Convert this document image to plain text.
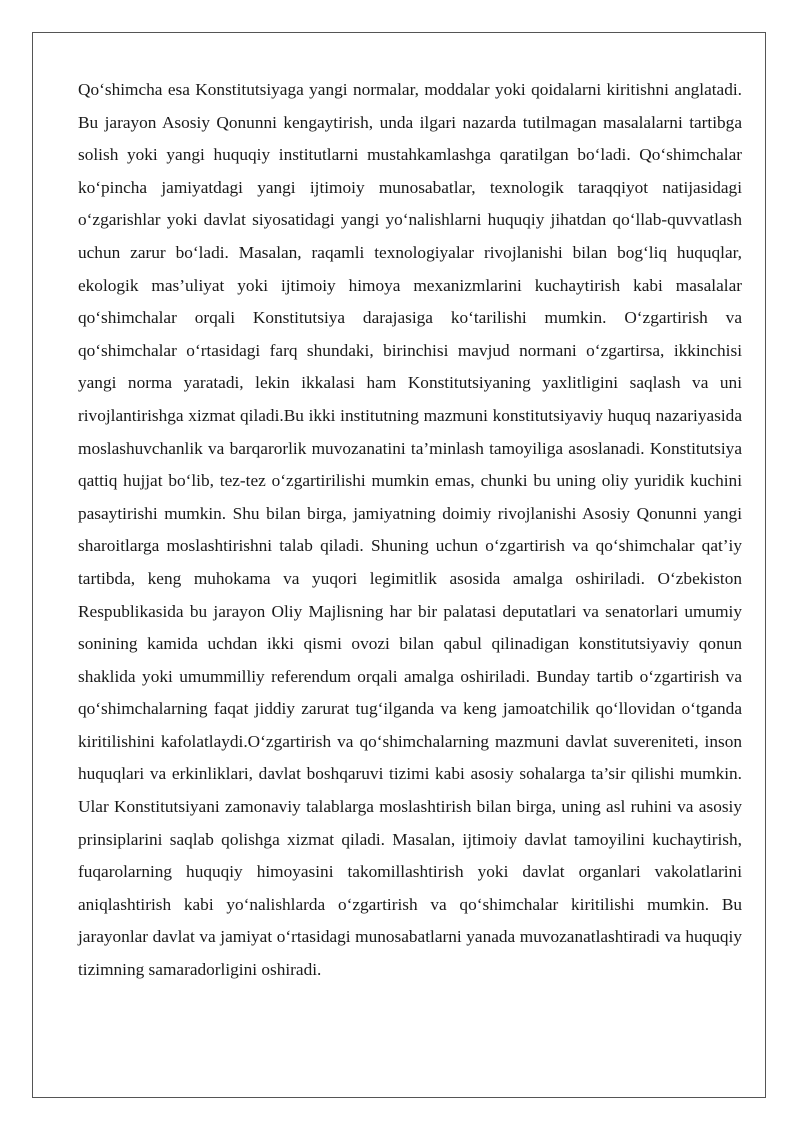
Qo‘shimcha esa Konstitutsiyaga yangi normalar, moddalar yoki qoidalarni kiritishni anglatadi. Bu jarayon Asosiy Qonunni kengaytirish, unda ilgari nazarda tutilmagan masalalarni tartibga solish yoki yangi huquqiy institutlarni mustahkamlashga qaratilgan bo‘ladi. Qo‘shimchalar ko‘pincha jamiyatdagi yangi ijtimoiy munosabatlar, texnologik taraqqiyot natijasidagi o‘zgarishlar yoki davlat siyosatidagi yangi yo‘nalishlarni huquqiy jihatdan qo‘llab-quvvatlash uchun zarur bo‘ladi. Masalan, raqamli texnologiyalar rivojlanishi bilan bog‘liq huquqlar, ekologik mas’uliyat yoki ijtimoiy himoya mexanizmlarini kuchaytirish kabi masalalar qo‘shimchalar orqali Konstitutsiya darajasiga ko‘tarilishi mumkin. O‘zgartirish va qo‘shimchalar o‘rtasidagi farq shundaki, birinchisi mavjud normani o‘zgartirsa, ikkinchisi yangi norma yaratadi, lekin ikkalasi ham Konstitutsiyaning yaxlitligini saqlash va uni rivojlantirishga xizmat qiladi.Bu ikki institutning mazmuni konstitutsiyaviy huquq nazariyasida moslashuvchanlik va barqarorlik muvozanatini ta’minlash tamoyiliga asoslanadi. Konstitutsiya qattiq hujjat bo‘lib, tez-tez o‘zgartirilishi mumkin emas, chunki bu uning oliy yuridik kuchini pasaytirishi mumkin. Shu bilan birga, jamiyatning doimiy rivojlanishi Asosiy Qonunni yangi sharoitlarga moslashtirishni talab qiladi. Shuning uchun o‘zgartirish va qo‘shimchalar qat’iy tartibda, keng muhokama va yuqori legimitlik asosida amalga oshiriladi. O‘zbekiston Respublikasida bu jarayon Oliy Majlisning har bir palatasi deputatlari va senatorlari umumiy sonining kamida uchdan ikki qismi ovozi bilan qabul qilinadigan konstitutsiyaviy qonun shaklida yoki umummilliy referendum orqali amalga oshiriladi. Bunday tartib o‘zgartirish va qo‘shimchalarning faqat jiddiy zarurat tug‘ilganda va keng jamoatchilik qo‘llovidan o‘tganda kiritilishini kafolatlaydi.O‘zgartirish va qo‘shimchalarning mazmuni davlat suvereniteti, inson huquqlari va erkinliklari, davlat boshqaruvi tizimi kabi asosiy sohalarga ta’sir qilishi mumkin. Ular Konstitutsiyani zamonaviy talablarga moslashtirish bilan birga, uning asl ruhini va asosiy prinsiplarini saqlab qolishga xizmat qiladi. Masalan, ijtimoiy davlat tamoyilini kuchaytirish, fuqarolarning huquqiy himoyasini takomillashtirish yoki davlat organlari vakolatlarini aniqlashtirish kabi yo‘nalishlarda o‘zgartirish va qo‘shimchalar kiritilishi mumkin. Bu jarayonlar davlat va jamiyat o‘rtasidagi munosabatlarni yanada muvozanatlashtiradi va huquqiy tizimning samaradorligini oshiradi.
